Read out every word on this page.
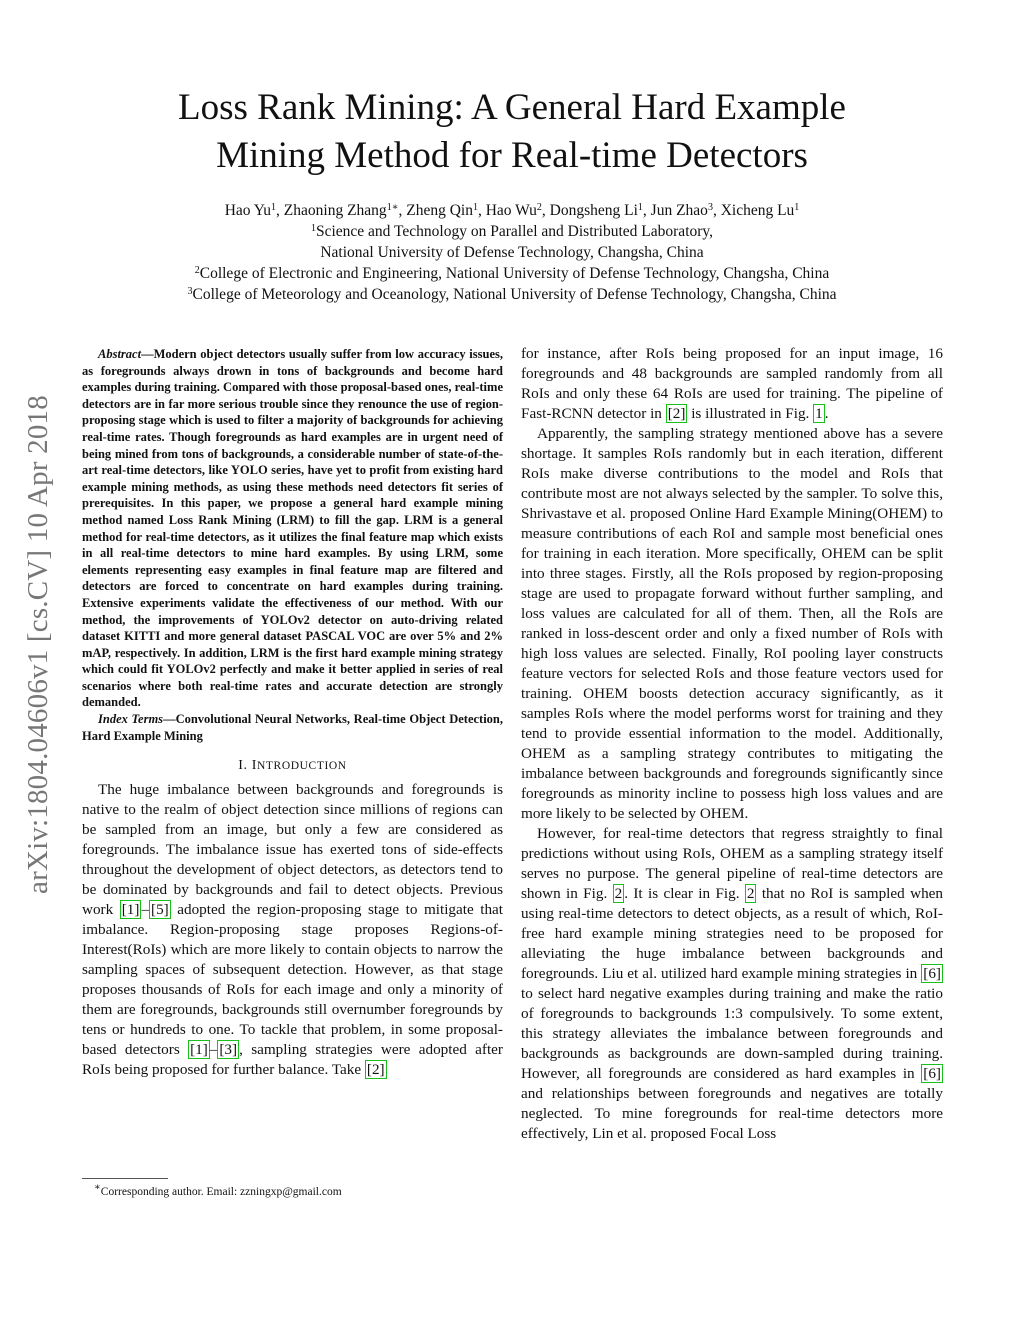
arXiv:1804.04606v1 [cs.CV] 10 Apr 2018
Loss Rank Mining: A General Hard Example
Mining Method for Real-time Detectors
Hao Yu$^1$, Zhaoning Zhang$^{1∗}$, Zheng Qin$^1$, Hao Wu$^2$, Dongsheng Li$^1$, Jun Zhao$^3$, Xicheng Lu$^1$
$^1$Science and Technology on Parallel and Distributed Laboratory,
National University of Defense Technology, Changsha, China
$^2$College of Electronic and Engineering, National University of Defense Technology, Changsha, China
$^3$College of Meteorology and Oceanology, National University of Defense Technology, Changsha, China

Abstract—Modern object detectors usually suffer from low accuracy issues, as foregrounds always drown in tons of backgrounds and become hard examples during training. Compared with those proposal-based ones, real-time detectors are in far more serious trouble since they renounce the use of region-proposing stage which is used to filter a majority of backgrounds for achieving real-time rates. Though foregrounds as hard examples are in urgent need of being mined from tons of backgrounds, a considerable number of state-of-the-art real-time detectors, like YOLO series, have yet to profit from existing hard example mining methods, as using these methods need detectors fit series of prerequisites. In this paper, we propose a general hard example mining method named Loss Rank Mining (LRM) to fill the gap. LRM is a general method for real-time detectors, as it utilizes the final feature map which exists in all real-time detectors to mine hard examples. By using LRM, some elements representing easy examples in final feature map are filtered and detectors are forced to concentrate on hard examples during training. Extensive experiments validate the effectiveness of our method. With our method, the improvements of YOLOv2 detector on auto-driving related dataset KITTI and more general dataset PASCAL VOC are over 5% and 2% mAP, respectively. In addition, LRM is the first hard example mining strategy which could fit YOLOv2 perfectly and make it better applied in series of real scenarios where both real-time rates and accurate detection are strongly demanded.

Index Terms—Convolutional Neural Networks, Real-time Object Detection, Hard Example Mining

I. INTRODUCTION

The huge imbalance between backgrounds and foregrounds is native to the realm of object detection since millions of regions can be sampled from an image, but only a few are considered as foregrounds. The imbalance issue has exerted tons of side-effects throughout the development of object detectors, as detectors tend to be dominated by backgrounds and fail to detect objects. Previous work [1] – [5] adopted the region-proposing stage to mitigate that imbalance. Region-proposing stage proposes Regions-of-Interest(RoIs) which are more likely to contain objects to narrow the sampling spaces of subsequent detection. However, as that stage proposes thousands of RoIs for each image and only a minority of them are foregrounds, backgrounds still overnumber foregrounds by tens or hundreds to one. To tackle that problem, in some proposal-based detectors [1] – [3] , sampling strategies were adopted after RoIs being proposed for further balance. Take [2]

for instance, after RoIs being proposed for an input image, 16 foregrounds and 48 backgrounds are sampled randomly from all RoIs and only these 64 RoIs are used for training. The pipeline of Fast-RCNN detector in [2] is illustrated in Fig. 1 .

Apparently, the sampling strategy mentioned above has a severe shortage. It samples RoIs randomly but in each iteration, different RoIs make diverse contributions to the model and RoIs that contribute most are not always selected by the sampler. To solve this, Shrivastave et al. proposed Online Hard Example Mining(OHEM) to measure contributions of each RoI and sample most beneficial ones for training in each iteration. More specifically, OHEM can be split into three stages. Firstly, all the RoIs proposed by region-proposing stage are used to propagate forward without further sampling, and loss values are calculated for all of them. Then, all the RoIs are ranked in loss-descent order and only a fixed number of RoIs with high loss values are selected. Finally, RoI pooling layer constructs feature vectors for selected RoIs and those feature vectors used for training. OHEM boosts detection accuracy significantly, as it samples RoIs where the model performs worst for training and they tend to provide essential information to the model. Additionally, OHEM as a sampling strategy contributes to mitigating the imbalance between backgrounds and foregrounds significantly since foregrounds as minority incline to possess high loss values and are more likely to be selected by OHEM.

However, for real-time detectors that regress straightly to final predictions without using RoIs, OHEM as a sampling strategy itself serves no purpose. The general pipeline of real-time detectors are shown in Fig. 2 . It is clear in Fig. 2 that no RoI is sampled when using real-time detectors to detect objects, as a result of which, RoI-free hard example mining strategies need to be proposed for alleviating the huge imbalance between backgrounds and foregrounds. Liu et al. utilized hard example mining strategies in [6] to select hard negative examples during training and make the ratio of foregrounds to backgrounds 1:3 compulsively. To some extent, this strategy alleviates the imbalance between foregrounds and backgrounds as backgrounds are down-sampled during training. However, all foregrounds are considered as hard examples in [6] and relationships between foregrounds and negatives are totally neglected. To mine foregrounds for real-time detectors more effectively, Lin et al. proposed Focal Loss

∗Corresponding author. Email: zzningxp@gmail.com
